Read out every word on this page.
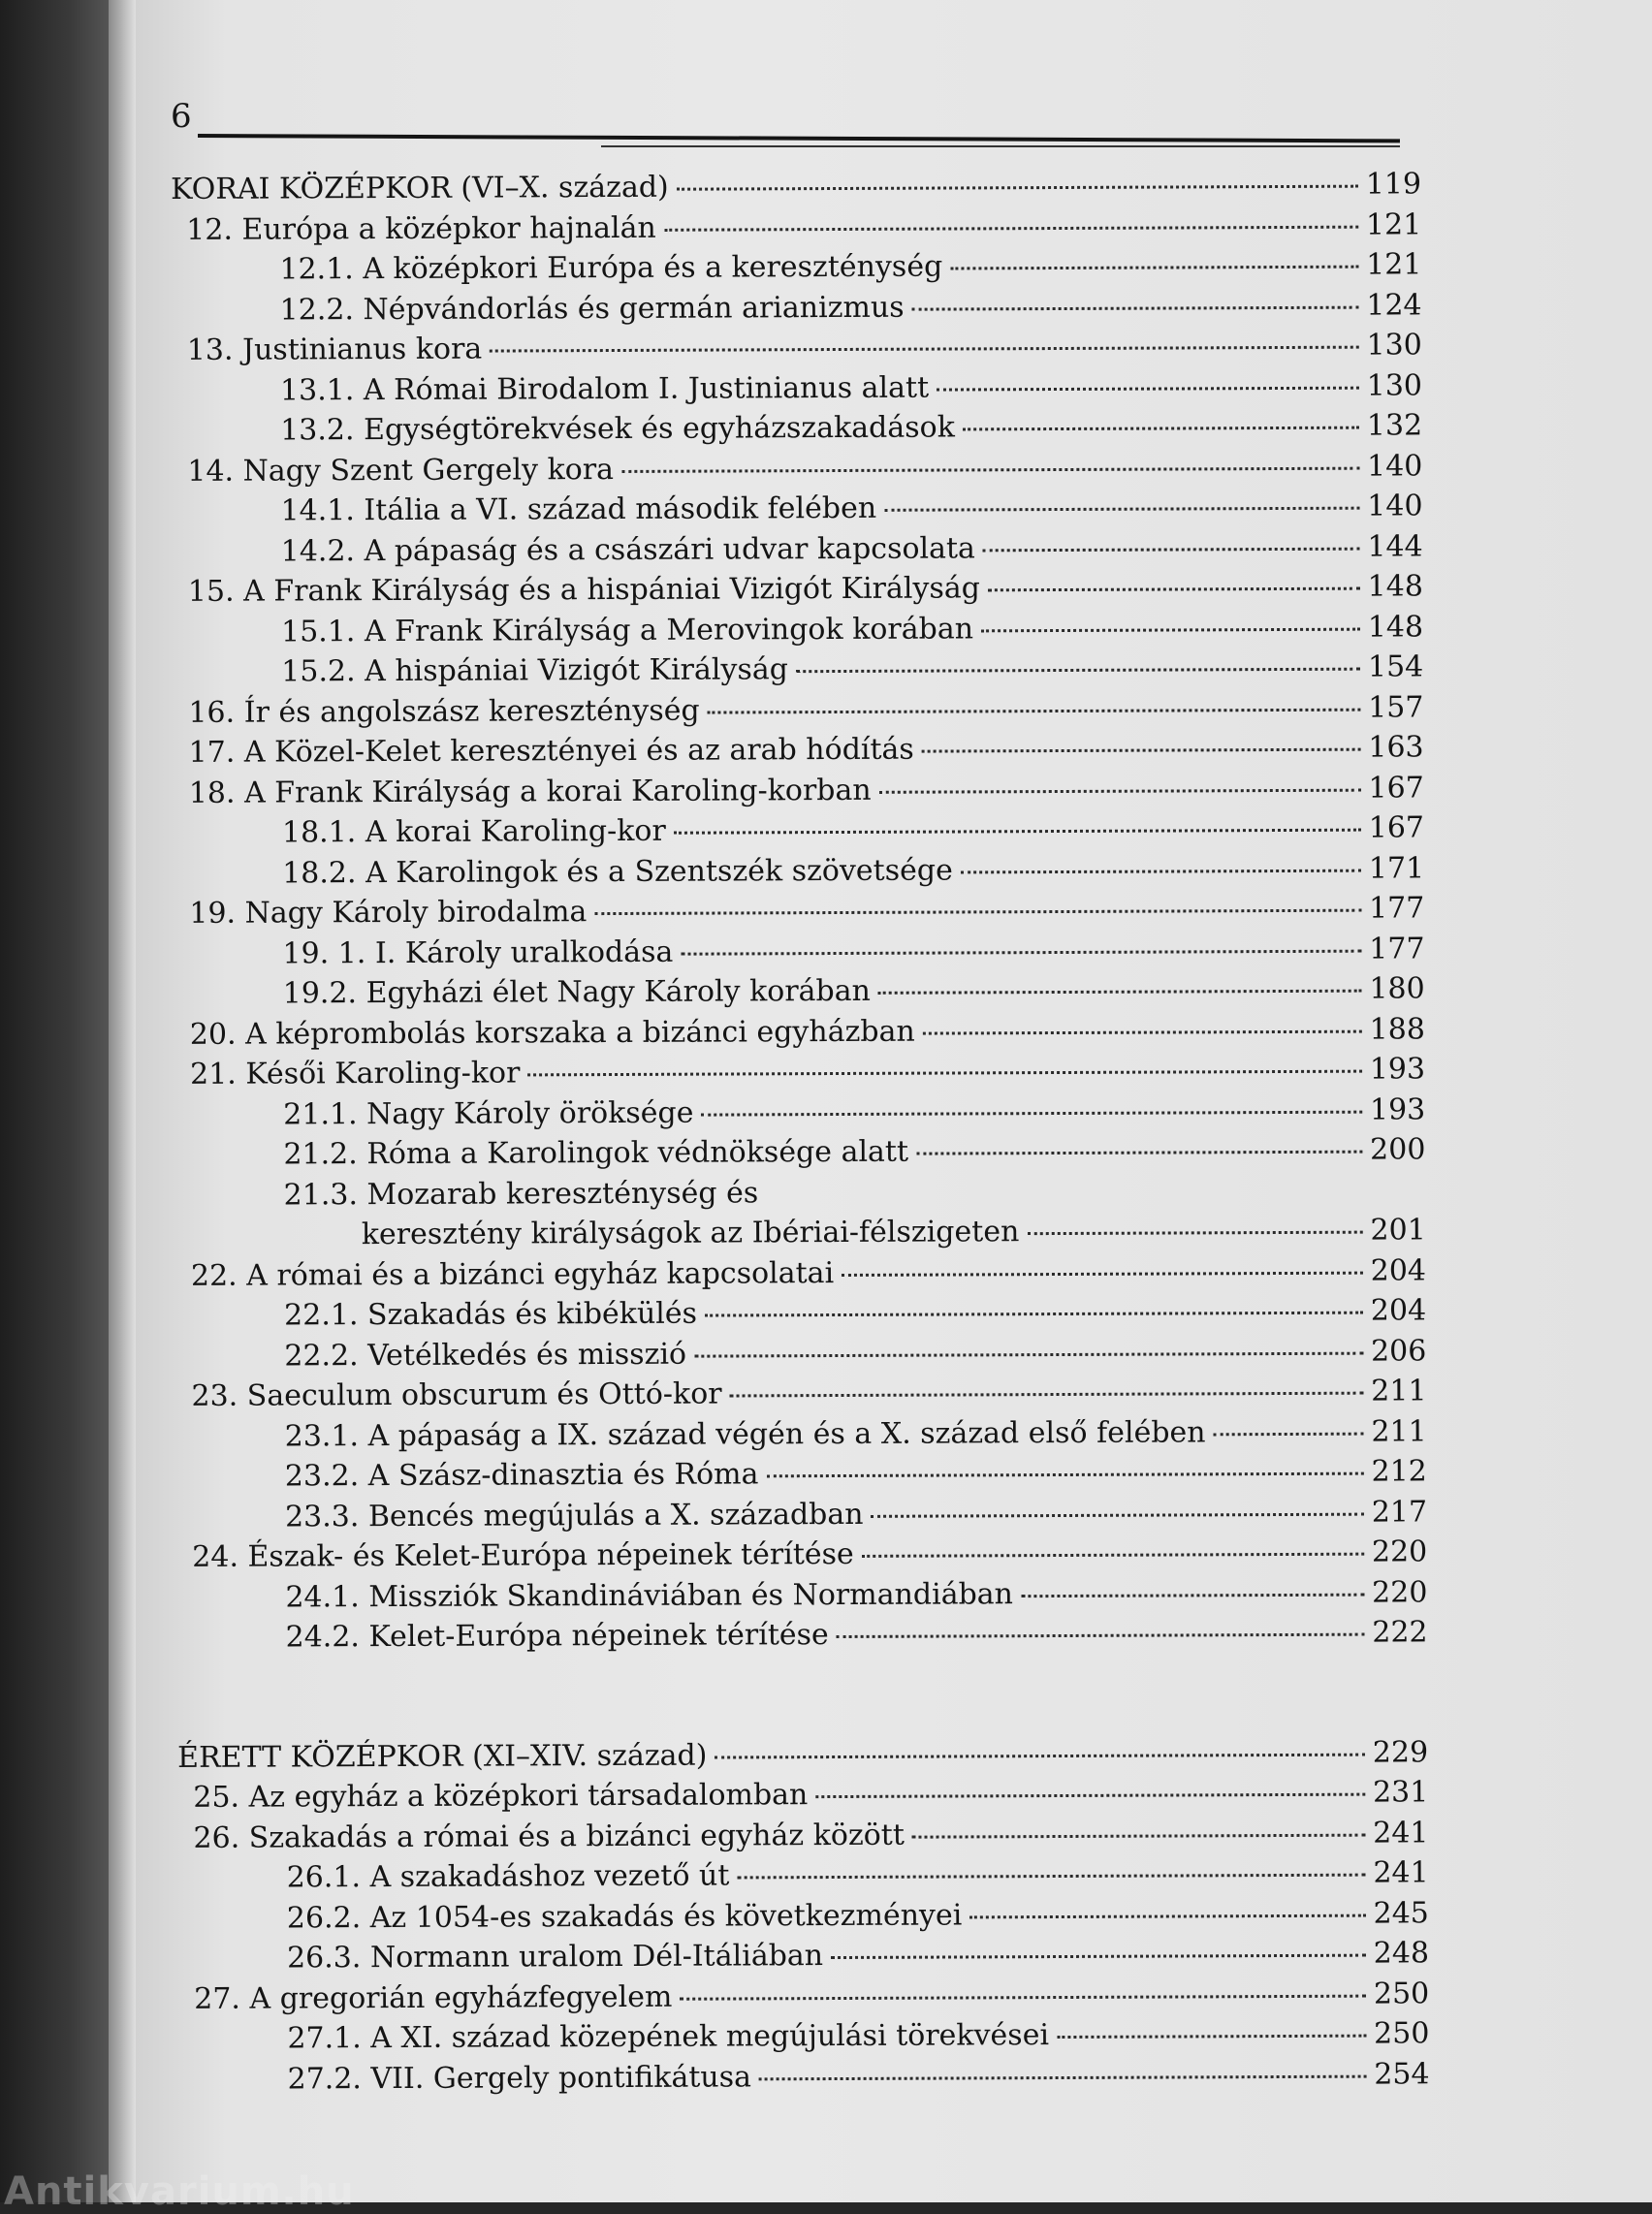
6
KORAI KÖZÉPKOR (VI–X. század)	119
12. Európa a középkor hajnalán	121
12.1. A középkori Európa és a kereszténység	121
12.2. Népvándorlás és germán arianizmus	124
13. Justinianus kora	130
13.1. A Római Birodalom I. Justinianus alatt	130
13.2. Egységtörekvések és egyházszakadások	132
14. Nagy Szent Gergely kora	140
14.1. Itália a VI. század második felében	140
14.2. A pápaság és a császári udvar kapcsolata	144
15. A Frank Királyság és a hispániai Vizigót Királyság	148
15.1. A Frank Királyság a Merovingok korában	148
15.2. A hispániai Vizigót Királyság	154
16. Ír és angolszász kereszténység	157
17. A Közel-Kelet keresztényei és az arab hódítás	163
18. A Frank Királyság a korai Karoling-korban	167
18.1. A korai Karoling-kor	167
18.2. A Karolingok és a Szentszék szövetsége	171
19. Nagy Károly birodalma	177
19. 1. I. Károly uralkodása	177
19.2. Egyházi élet Nagy Károly korában	180
20. A képrombolás korszaka a bizánci egyházban	188
21. Késői Karoling-kor	193
21.1. Nagy Károly öröksége	193
21.2. Róma a Karolingok védnöksége alatt	200
21.3. Mozarab kereszténység és
keresztény királyságok az Ibériai-félszigeten	201
22. A római és a bizánci egyház kapcsolatai	204
22.1. Szakadás és kibékülés	204
22.2. Vetélkedés és misszió	206
23. Saeculum obscurum és Ottó-kor	211
23.1. A pápaság a IX. század végén és a X. század első felében	211
23.2. A Szász-dinasztia és Róma	212
23.3. Bencés megújulás a X. században	217
24. Észak- és Kelet-Európa népeinek térítése	220
24.1. Missziók Skandináviában és Normandiában	220
24.2. Kelet-Európa népeinek térítése	222
ÉRETT KÖZÉPKOR (XI–XIV. század)	229
25. Az egyház a középkori társadalomban	231
26. Szakadás a római és a bizánci egyház között	241
26.1. A szakadáshoz vezető út	241
26.2. Az 1054-es szakadás és következményei	245
26.3. Normann uralom Dél-Itáliában	248
27. A gregorián egyházfegyelem	250
27.1. A XI. század közepének megújulási törekvései	250
27.2. VII. Gergely pontifikátusa	254
Antikvarium.hu
